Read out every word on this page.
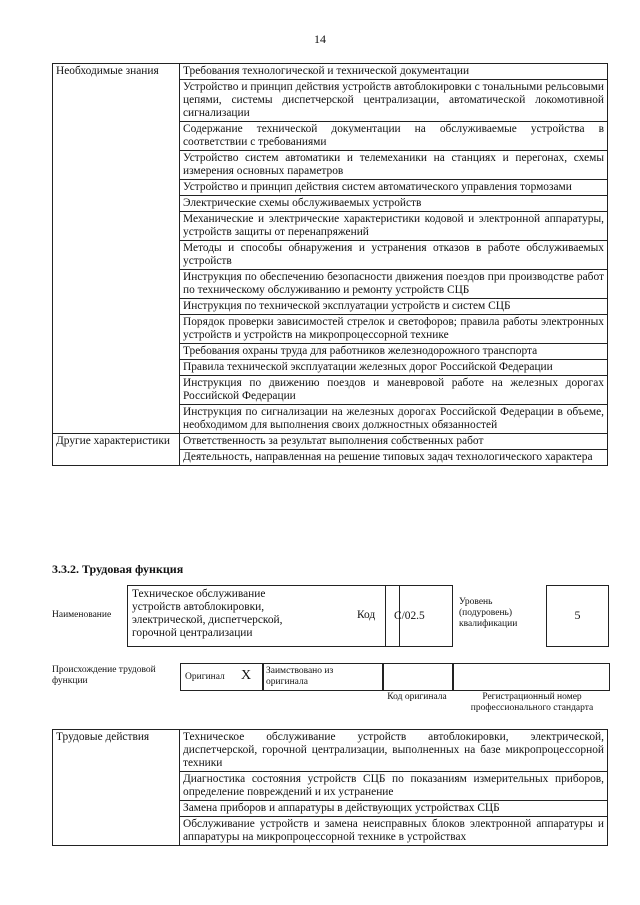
14
Необходимые знания	Требования технологической и технической документации
	Устройство и принцип действия устройств автоблокировки с тональными рельсовыми цепями, системы диспетчерской централизации, автоматической локомотивной сигнализации
	Содержание технической документации на обслуживаемые устройства в соответствии с требованиями
	Устройство систем автоматики и телемеханики на станциях и перегонах, схемы измерения основных параметров
	Устройство и принцип действия систем автоматического управления тормозами
	Электрические схемы обслуживаемых устройств
	Механические и электрические характеристики кодовой и электронной аппаратуры, устройств защиты от перенапряжений
	Методы и способы обнаружения и устранения отказов в работе обслуживаемых устройств
	Инструкция по обеспечению безопасности движения поездов при производстве работ по техническому обслуживанию и ремонту устройств СЦБ
	Инструкция по технической эксплуатации устройств и систем СЦБ
	Порядок проверки зависимостей стрелок и светофоров; правила работы электронных устройств и устройств на микропроцессорной технике
	Требования охраны труда для работников железнодорожного транспорта
	Правила технической эксплуатации железных дорог Российской Федерации
	Инструкция по движению поездов и маневровой работе на железных дорогах Российской Федерации
	Инструкция по сигнализации на железных дорогах Российской Федерации в объеме, необходимом для выполнения своих должностных обязанностей
Другие характеристики	Ответственность за результат выполнения собственных работ
	Деятельность, направленная на решение типовых задач технологического характера
3.3.2. Трудовая функция
Наименование
Техническое обслуживание устройств автоблокировки, электрической, диспетчерской, горочной централизации
Код C/02.5
Уровень (подуровень) квалификации
5
Происхождение трудовой функции	Оригинал X Заимствовано из оригинала
Код оригинала	Регистрационный номер профессионального стандарта
Трудовые действия	Техническое обслуживание устройств автоблокировки, электрической, диспетчерской, горочной централизации, выполненных на базе микропроцессорной техники
Диагностика состояния устройств СЦБ по показаниям измерительных приборов, определение повреждений и их устранение
Замена приборов и аппаратуры в действующих устройствах СЦБ
Обслуживание устройств и замена неисправных блоков электронной аппаратуры и аппаратуры на микропроцессорной технике в устройствах
